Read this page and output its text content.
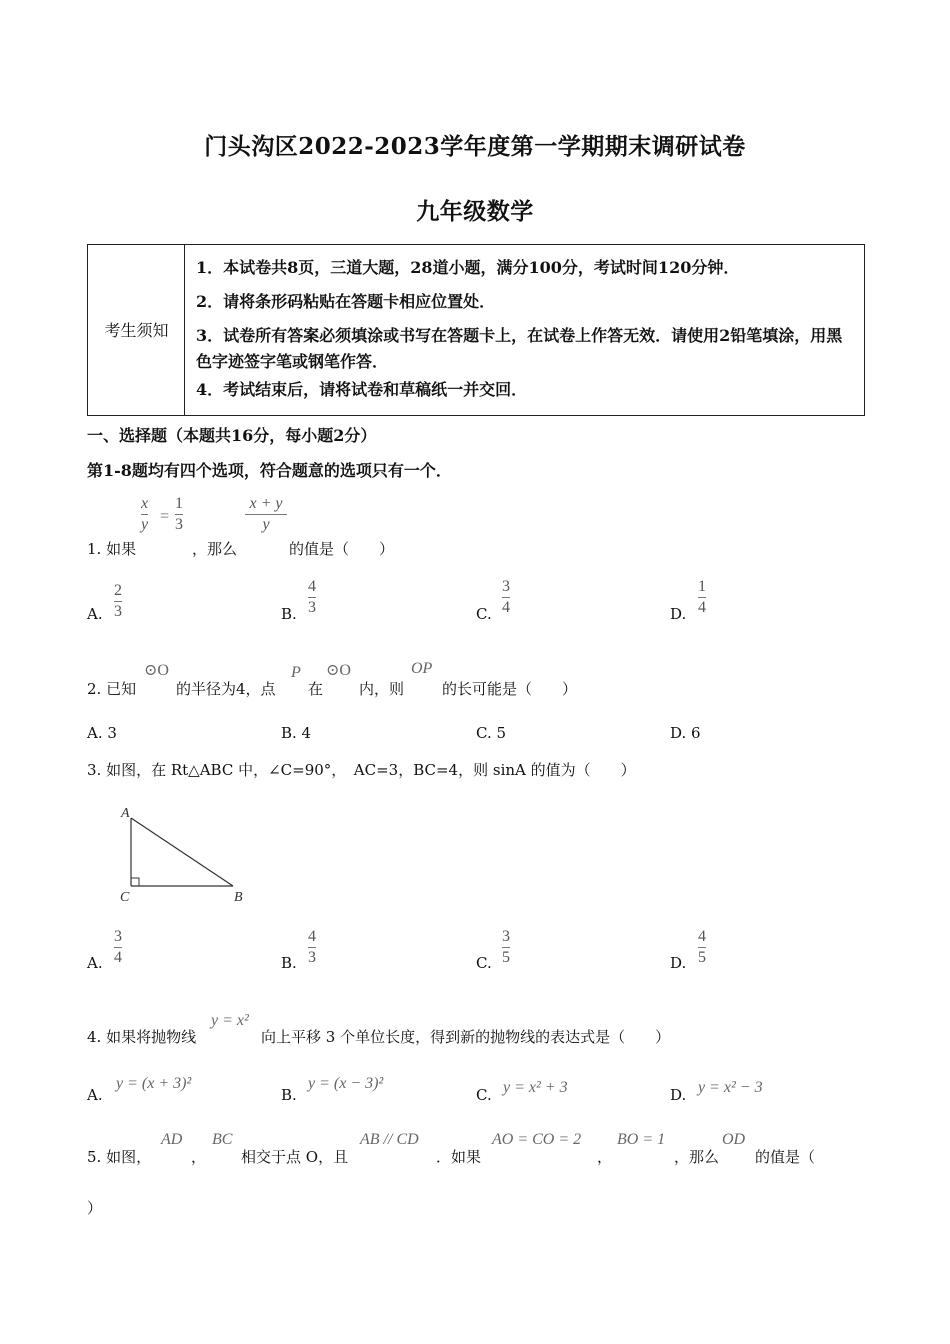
门头沟区2022-2023学年度第一学期期末调研试卷
九年级数学
考生须知
1．本试卷共8页，三道大题，28道小题，满分100分，考试时间120分钟．
2．请将条形码粘贴在答题卡相应位置处．
3．试卷所有答案必须填涂或书写在答题卡上，在试卷上作答无效．请使用2铅笔填涂，用黑色字迹签字笔或钢笔作答．
4．考试结束后，请将试卷和草稿纸一并交回．
一、选择题（本题共16分，每小题2分）
第1-8题均有四个选项，符合题意的选项只有一个．
1. 如果
x
y =
1
3
，那么
x + y
y
的值是（　　）
A.
2
3	B.
4
3	C.
3
4	D.
1
4
2. 已知
⊙O
的半径为4，点
P
在
⊙O
内，则
OP
的长可能是（　　）
A. 3	B. 4	C. 5	D. 6
3. 如图，在 Rt△ABC 中，∠C=90°，　AC=3，BC=4，则 sinA 的值为（　　）
A
C	B
A.
3
4	B.
4
3	C.
3
5	D.
4
5
4. 如果将抛物线
y = x²
向上平移 3 个单位长度，得到新的抛物线的表达式是（　　）
A.
y = (x + 3)²
B.
y = (x − 3)²
C. y = x² + 3	D. y = x² − 3
5. 如图，
AD
，
BC
相交于点 O，且
AB // CD
．如果
AO = CO = 2
，
BO = 1
，那么
OD
的值是（
）
